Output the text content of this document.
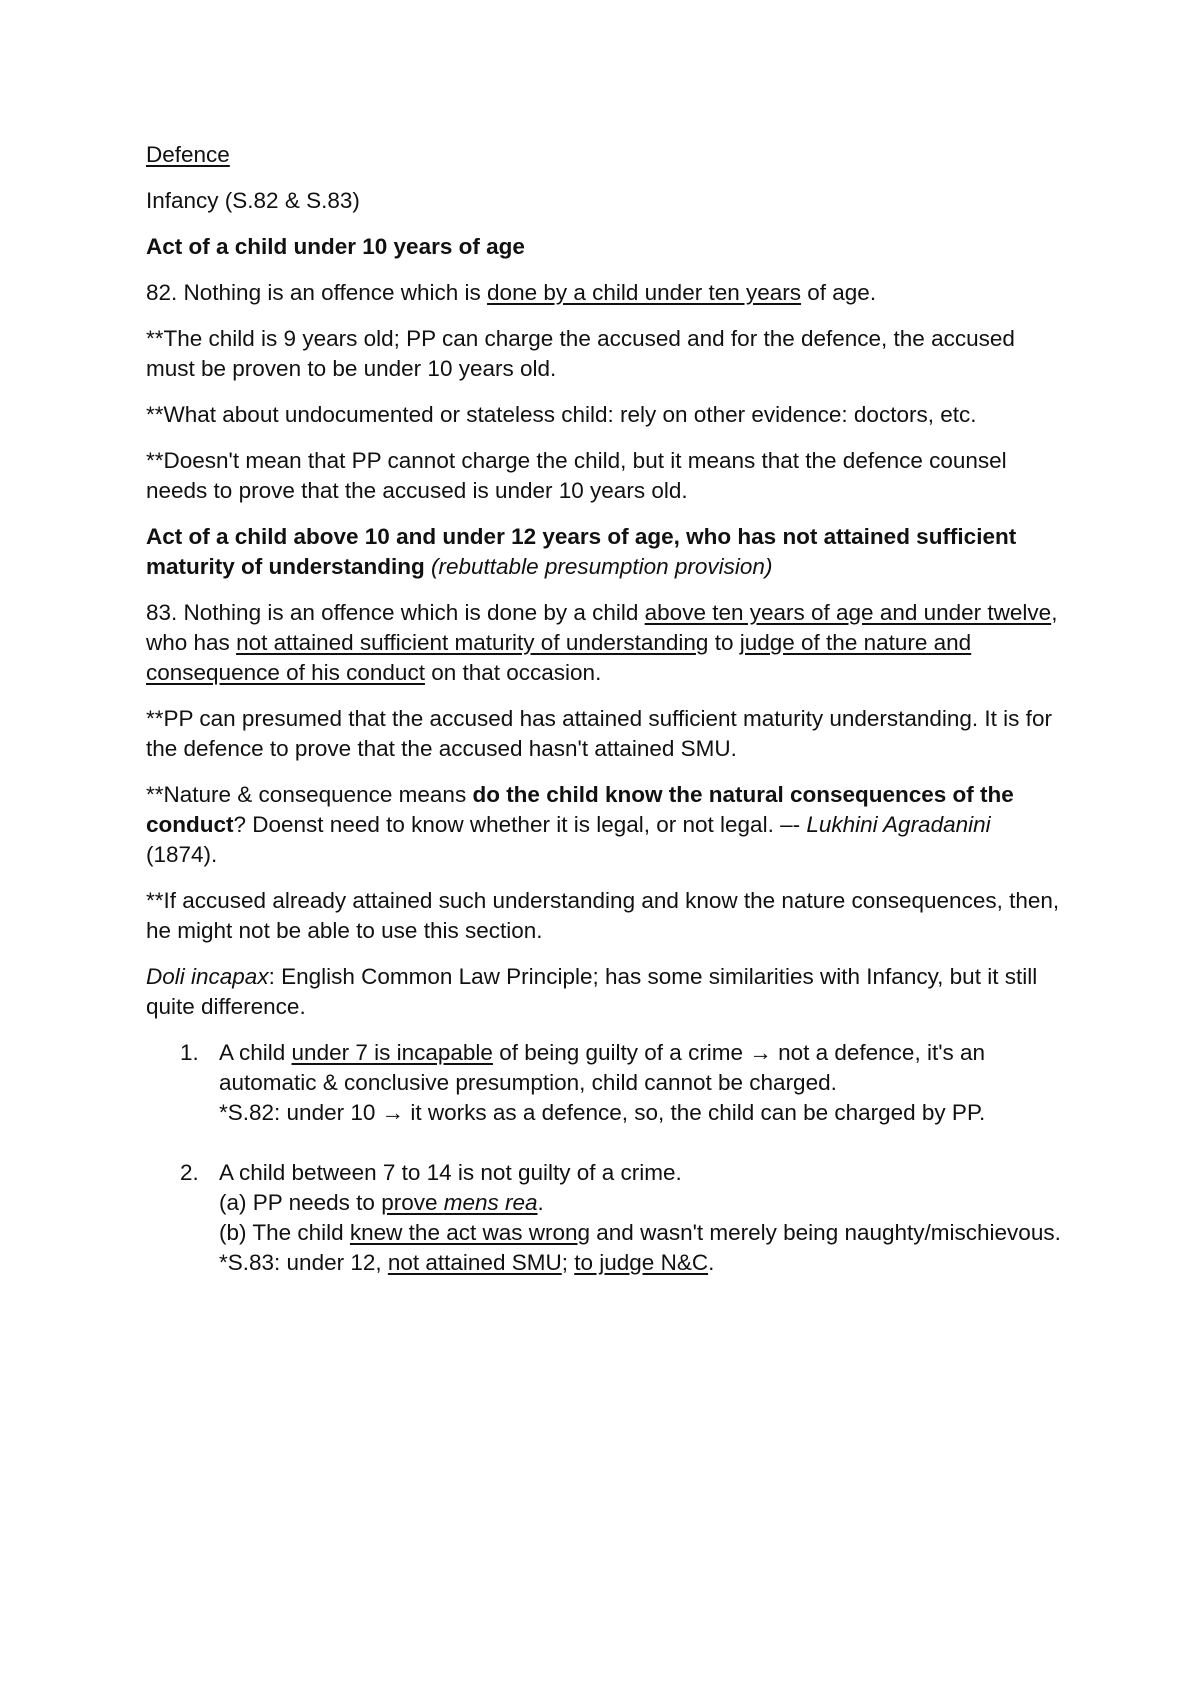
Defence

Infancy (S.82 & S.83)

Act of a child under 10 years of age

82. Nothing is an offence which is done by a child under ten years of age.

**The child is 9 years old; PP can charge the accused and for the defence, the accused must be proven to be under 10 years old.

**What about undocumented or stateless child: rely on other evidence: doctors, etc.

**Doesn't mean that PP cannot charge the child, but it means that the defence counsel needs to prove that the accused is under 10 years old.

Act of a child above 10 and under 12 years of age, who has not attained sufficient maturity of understanding (rebuttable presumption provision)

83. Nothing is an offence which is done by a child above ten years of age and under twelve, who has not attained sufficient maturity of understanding to judge of the nature and consequence of his conduct on that occasion.

**PP can presumed that the accused has attained sufficient maturity understanding. It is for the defence to prove that the accused hasn't attained SMU.

**Nature & consequence means do the child know the natural consequences of the conduct? Doenst need to know whether it is legal, or not legal. –- Lukhini Agradanini (1874).

**If accused already attained such understanding and know the nature consequences, then, he might not be able to use this section.

Doli incapax: English Common Law Principle; has some similarities with Infancy, but it still quite difference.

1. A child under 7 is incapable of being guilty of a crime → not a defence, it's an automatic & conclusive presumption, child cannot be charged.
*S.82: under 10 → it works as a defence, so, the child can be charged by PP.
2. A child between 7 to 14 is not guilty of a crime.
(a) PP needs to prove mens rea.
(b) The child knew the act was wrong and wasn't merely being naughty/mischievous.
*S.83: under 12, not attained SMU; to judge N&C.
